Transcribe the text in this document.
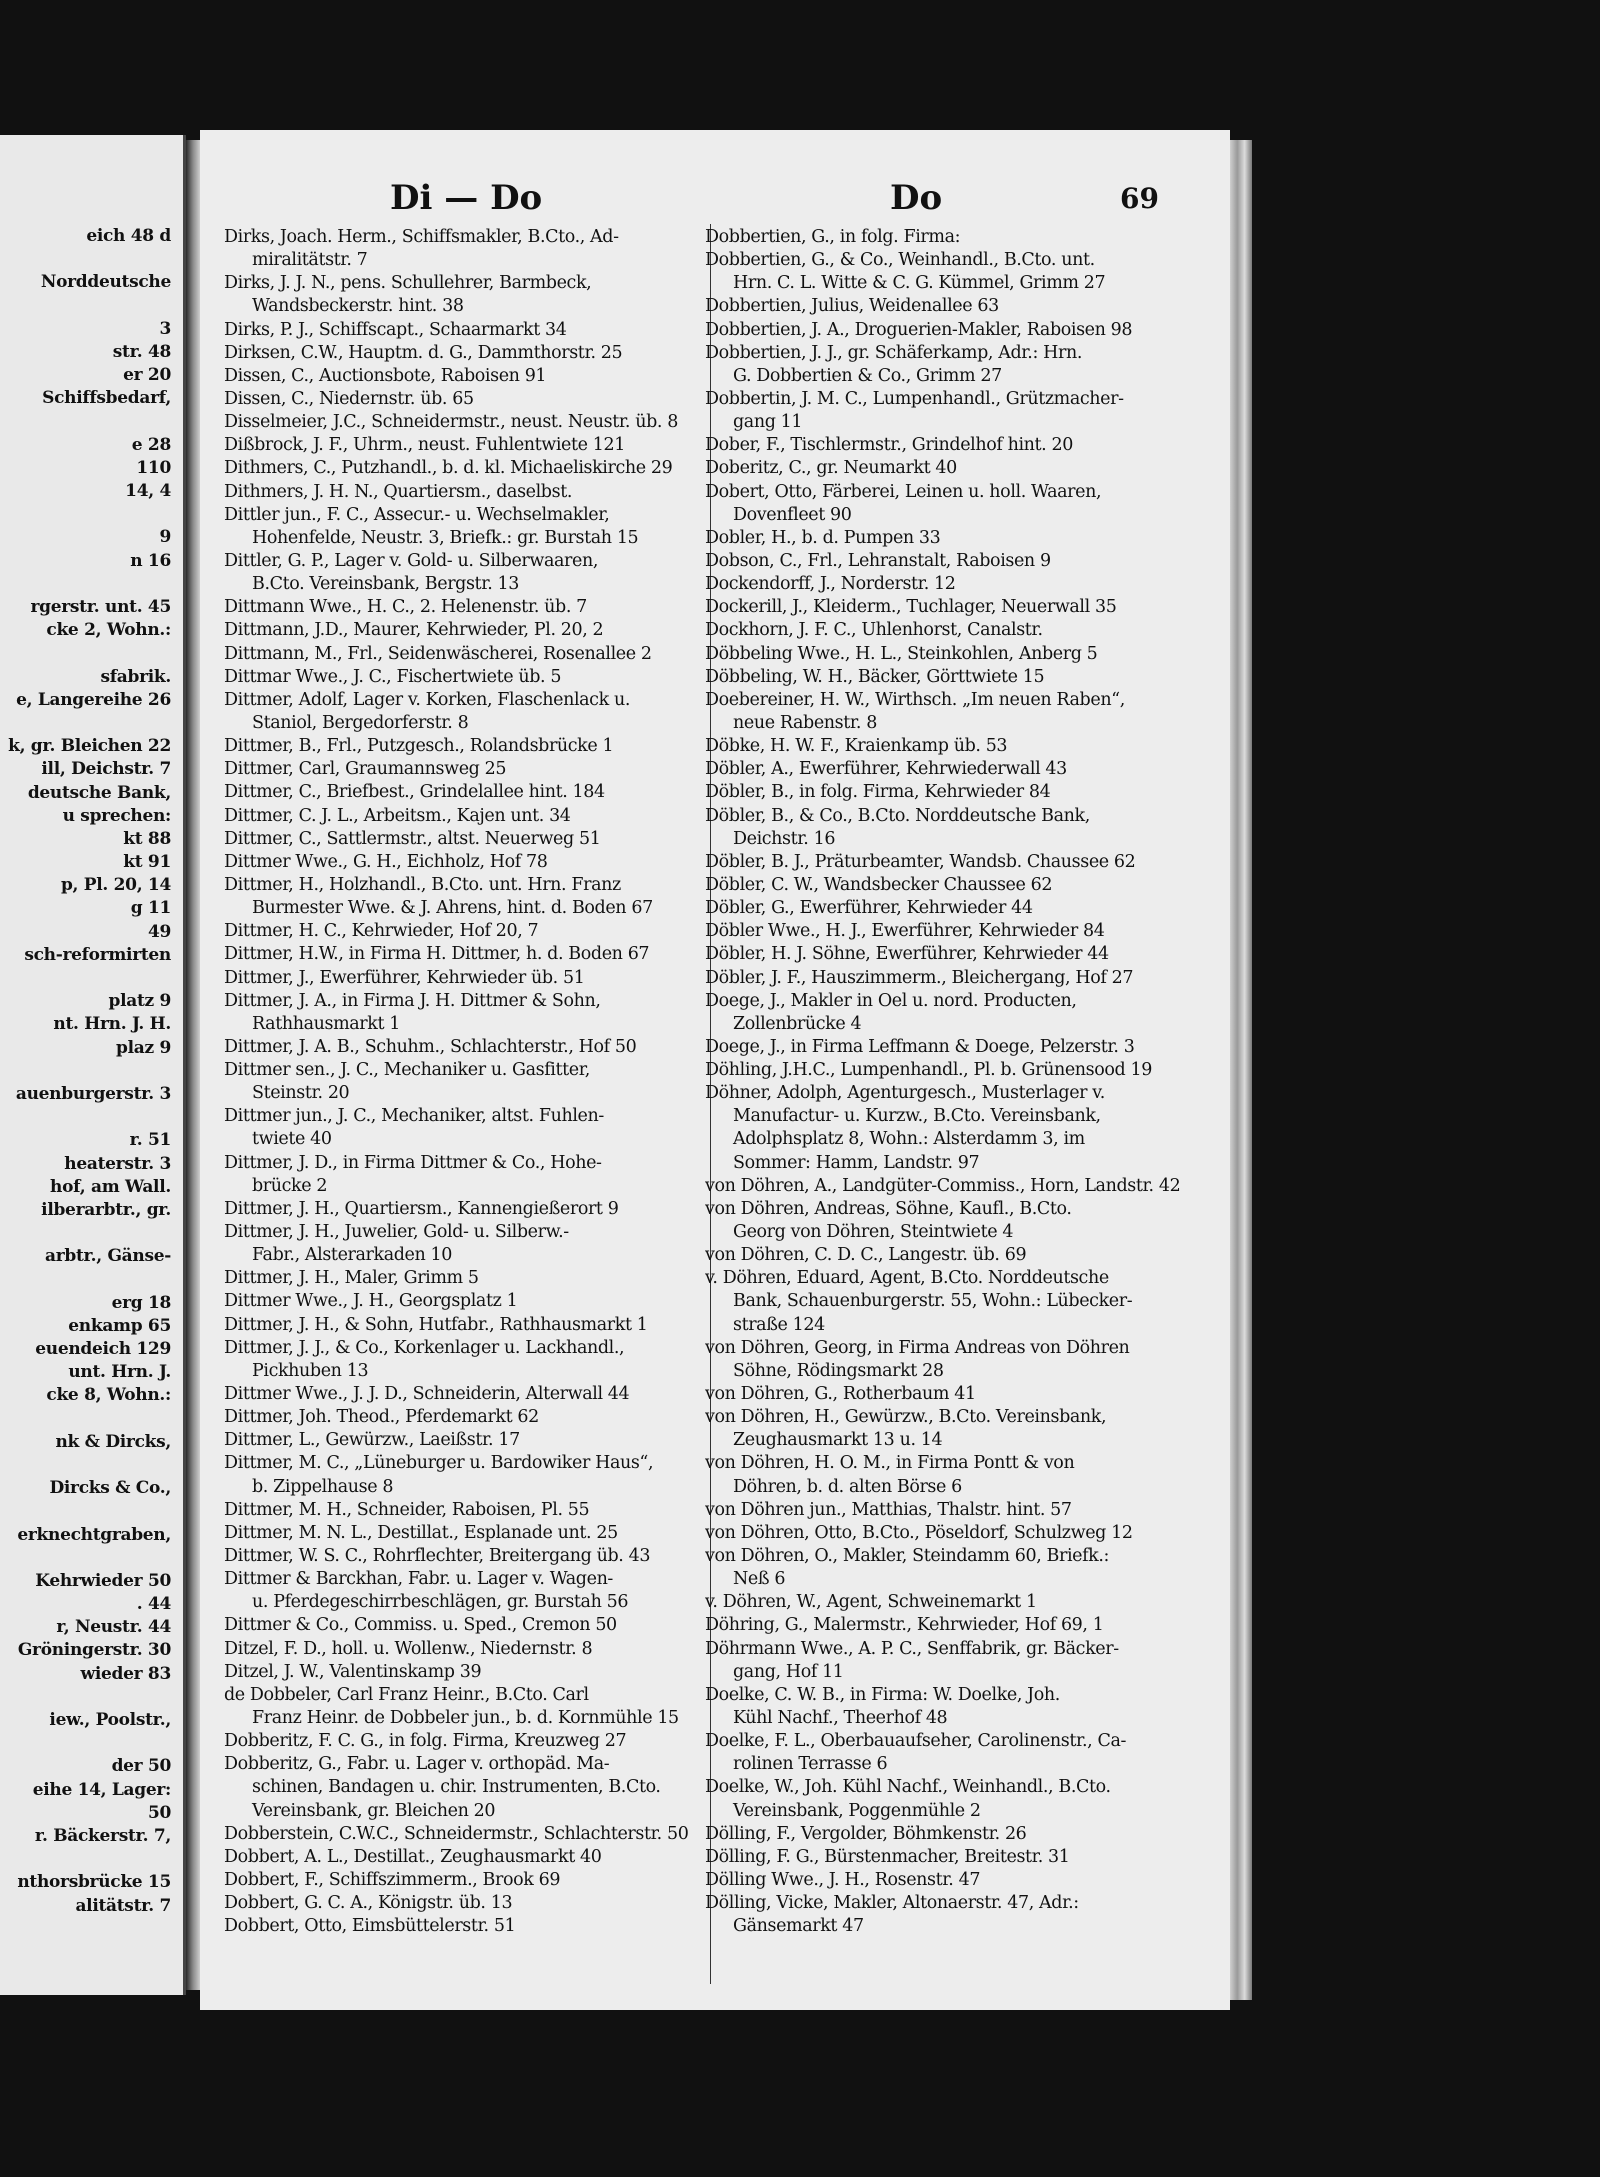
eich 48 d
Norddeutsche
3
str. 48
er 20
Schiffsbedarf,
e 28
110
14, 4
9
n 16
rgerstr. unt. 45
cke 2, Wohn.:
sfabrik.
e, Langereihe 26
k, gr. Bleichen 22
ill, Deichstr. 7
deutsche Bank,
u sprechen:
kt 88
kt 91
p, Pl. 20, 14
g 11
49
sch-reformirten
platz 9
nt. Hrn. J. H.
plaz 9
auenburgerstr. 3
r. 51
heaterstr. 3
hof, am Wall.
ilberarbtr., gr.
arbtr., Gänse-
erg 18
enkamp 65
euendeich 129
unt. Hrn. J.
cke 8, Wohn.:
nk & Dircks,
Dircks & Co.,
erknechtgraben,
Kehrwieder 50
. 44
r, Neustr. 44
Gröningerstr. 30
wieder 83
iew., Poolstr.,
der 50
eihe 14, Lager:
50
r. Bäckerstr. 7,
nthorsbrücke 15
alitätstr. 7
Di — Do	Do	69
Dirks, Joach. Herm., Schiffsmakler, B.Cto., Ad-
miralitätstr. 7
Dirks, J. J. N., pens. Schullehrer, Barmbeck,
Wandsbeckerstr. hint. 38
Dirks, P. J., Schiffscapt., Schaarmarkt 34
Dirksen, C.W., Hauptm. d. G., Dammthorstr. 25
Dissen, C., Auctionsbote, Raboisen 91
Dissen, C., Niedernstr. üb. 65
Disselmeier, J.C., Schneidermstr., neust. Neustr. üb. 8
Dißbrock, J. F., Uhrm., neust. Fuhlentwiete 121
Dithmers, C., Putzhandl., b. d. kl. Michaeliskirche 29
Dithmers, J. H. N., Quartiersm., daselbst.
Dittler jun., F. C., Assecur.- u. Wechselmakler,
Hohenfelde, Neustr. 3, Briefk.: gr. Burstah 15
Dittler, G. P., Lager v. Gold- u. Silberwaaren,
B.Cto. Vereinsbank, Bergstr. 13
Dittmann Wwe., H. C., 2. Helenenstr. üb. 7
Dittmann, J.D., Maurer, Kehrwieder, Pl. 20, 2
Dittmann, M., Frl., Seidenwäscherei, Rosenallee 2
Dittmar Wwe., J. C., Fischertwiete üb. 5
Dittmer, Adolf, Lager v. Korken, Flaschenlack u.
Staniol, Bergedorferstr. 8
Dittmer, B., Frl., Putzgesch., Rolandsbrücke 1
Dittmer, Carl, Graumannsweg 25
Dittmer, C., Briefbest., Grindelallee hint. 184
Dittmer, C. J. L., Arbeitsm., Kajen unt. 34
Dittmer, C., Sattlermstr., altst. Neuerweg 51
Dittmer Wwe., G. H., Eichholz, Hof 78
Dittmer, H., Holzhandl., B.Cto. unt. Hrn. Franz
Burmester Wwe. & J. Ahrens, hint. d. Boden 67
Dittmer, H. C., Kehrwieder, Hof 20, 7
Dittmer, H.W., in Firma H. Dittmer, h. d. Boden 67
Dittmer, J., Ewerführer, Kehrwieder üb. 51
Dittmer, J. A., in Firma J. H. Dittmer & Sohn,
Rathhausmarkt 1
Dittmer, J. A. B., Schuhm., Schlachterstr., Hof 50
Dittmer sen., J. C., Mechaniker u. Gasfitter,
Steinstr. 20
Dittmer jun., J. C., Mechaniker, altst. Fuhlen-
twiete 40
Dittmer, J. D., in Firma Dittmer & Co., Hohe-
brücke 2
Dittmer, J. H., Quartiersm., Kannengießerort 9
Dittmer, J. H., Juwelier, Gold- u. Silberw.-
Fabr., Alsterarkaden 10
Dittmer, J. H., Maler, Grimm 5
Dittmer Wwe., J. H., Georgsplatz 1
Dittmer, J. H., & Sohn, Hutfabr., Rathhausmarkt 1
Dittmer, J. J., & Co., Korkenlager u. Lackhandl.,
Pickhuben 13
Dittmer Wwe., J. J. D., Schneiderin, Alterwall 44
Dittmer, Joh. Theod., Pferdemarkt 62
Dittmer, L., Gewürzw., Laeißstr. 17
Dittmer, M. C., „Lüneburger u. Bardowiker Haus“,
b. Zippelhause 8
Dittmer, M. H., Schneider, Raboisen, Pl. 55
Dittmer, M. N. L., Destillat., Esplanade unt. 25
Dittmer, W. S. C., Rohrflechter, Breitergang üb. 43
Dittmer & Barckhan, Fabr. u. Lager v. Wagen-
u. Pferdegeschirrbeschlägen, gr. Burstah 56
Dittmer & Co., Commiss. u. Sped., Cremon 50
Ditzel, F. D., holl. u. Wollenw., Niedernstr. 8
Ditzel, J. W., Valentinskamp 39
de Dobbeler, Carl Franz Heinr., B.Cto. Carl
Franz Heinr. de Dobbeler jun., b. d. Kornmühle 15
Dobberitz, F. C. G., in folg. Firma, Kreuzweg 27
Dobberitz, G., Fabr. u. Lager v. orthopäd. Ma-
schinen, Bandagen u. chir. Instrumenten, B.Cto.
Vereinsbank, gr. Bleichen 20
Dobberstein, C.W.C., Schneidermstr., Schlachterstr. 50
Dobbert, A. L., Destillat., Zeughausmarkt 40
Dobbert, F., Schiffszimmerm., Brook 69
Dobbert, G. C. A., Königstr. üb. 13
Dobbert, Otto, Eimsbüttelerstr. 51
Dobbertien, G., in folg. Firma:
Dobbertien, G., & Co., Weinhandl., B.Cto. unt.
Hrn. C. L. Witte & C. G. Kümmel, Grimm 27
Dobbertien, Julius, Weidenallee 63
Dobbertien, J. A., Droguerien-Makler, Raboisen 98
Dobbertien, J. J., gr. Schäferkamp, Adr.: Hrn.
G. Dobbertien & Co., Grimm 27
Dobbertin, J. M. C., Lumpenhandl., Grützmacher-
gang 11
Dober, F., Tischlermstr., Grindelhof hint. 20
Doberitz, C., gr. Neumarkt 40
Dobert, Otto, Färberei, Leinen u. holl. Waaren,
Dovenfleet 90
Dobler, H., b. d. Pumpen 33
Dobson, C., Frl., Lehranstalt, Raboisen 9
Dockendorff, J., Norderstr. 12
Dockerill, J., Kleiderm., Tuchlager, Neuerwall 35
Dockhorn, J. F. C., Uhlenhorst, Canalstr.
Döbbeling Wwe., H. L., Steinkohlen, Anberg 5
Döbbeling, W. H., Bäcker, Görttwiete 15
Doebereiner, H. W., Wirthsch. „Im neuen Raben“,
neue Rabenstr. 8
Döbke, H. W. F., Kraienkamp üb. 53
Döbler, A., Ewerführer, Kehrwiederwall 43
Döbler, B., in folg. Firma, Kehrwieder 84
Döbler, B., & Co., B.Cto. Norddeutsche Bank,
Deichstr. 16
Döbler, B. J., Präturbeamter, Wandsb. Chaussee 62
Döbler, C. W., Wandsbecker Chaussee 62
Döbler, G., Ewerführer, Kehrwieder 44
Döbler Wwe., H. J., Ewerführer, Kehrwieder 84
Döbler, H. J. Söhne, Ewerführer, Kehrwieder 44
Döbler, J. F., Hauszimmerm., Bleichergang, Hof 27
Doege, J., Makler in Oel u. nord. Producten,
Zollenbrücke 4
Doege, J., in Firma Leffmann & Doege, Pelzerstr. 3
Döhling, J.H.C., Lumpenhandl., Pl. b. Grünensood 19
Döhner, Adolph, Agenturgesch., Musterlager v.
Manufactur- u. Kurzw., B.Cto. Vereinsbank,
Adolphsplatz 8, Wohn.: Alsterdamm 3, im
Sommer: Hamm, Landstr. 97
von Döhren, A., Landgüter-Commiss., Horn, Landstr. 42
von Döhren, Andreas, Söhne, Kaufl., B.Cto.
Georg von Döhren, Steintwiete 4
von Döhren, C. D. C., Langestr. üb. 69
v. Döhren, Eduard, Agent, B.Cto. Norddeutsche
Bank, Schauenburgerstr. 55, Wohn.: Lübecker-
straße 124
von Döhren, Georg, in Firma Andreas von Döhren
Söhne, Rödingsmarkt 28
von Döhren, G., Rotherbaum 41
von Döhren, H., Gewürzw., B.Cto. Vereinsbank,
Zeughausmarkt 13 u. 14
von Döhren, H. O. M., in Firma Pontt & von
Döhren, b. d. alten Börse 6
von Döhren jun., Matthias, Thalstr. hint. 57
von Döhren, Otto, B.Cto., Pöseldorf, Schulzweg 12
von Döhren, O., Makler, Steindamm 60, Briefk.:
Neß 6
v. Döhren, W., Agent, Schweinemarkt 1
Döhring, G., Malermstr., Kehrwieder, Hof 69, 1
Döhrmann Wwe., A. P. C., Senffabrik, gr. Bäcker-
gang, Hof 11
Doelke, C. W. B., in Firma: W. Doelke, Joh.
Kühl Nachf., Theerhof 48
Doelke, F. L., Oberbauaufseher, Carolinenstr., Ca-
rolinen Terrasse 6
Doelke, W., Joh. Kühl Nachf., Weinhandl., B.Cto.
Vereinsbank, Poggenmühle 2
Dölling, F., Vergolder, Böhmkenstr. 26
Dölling, F. G., Bürstenmacher, Breitestr. 31
Dölling Wwe., J. H., Rosenstr. 47
Dölling, Vicke, Makler, Altonaerstr. 47, Adr.:
Gänsemarkt 47
